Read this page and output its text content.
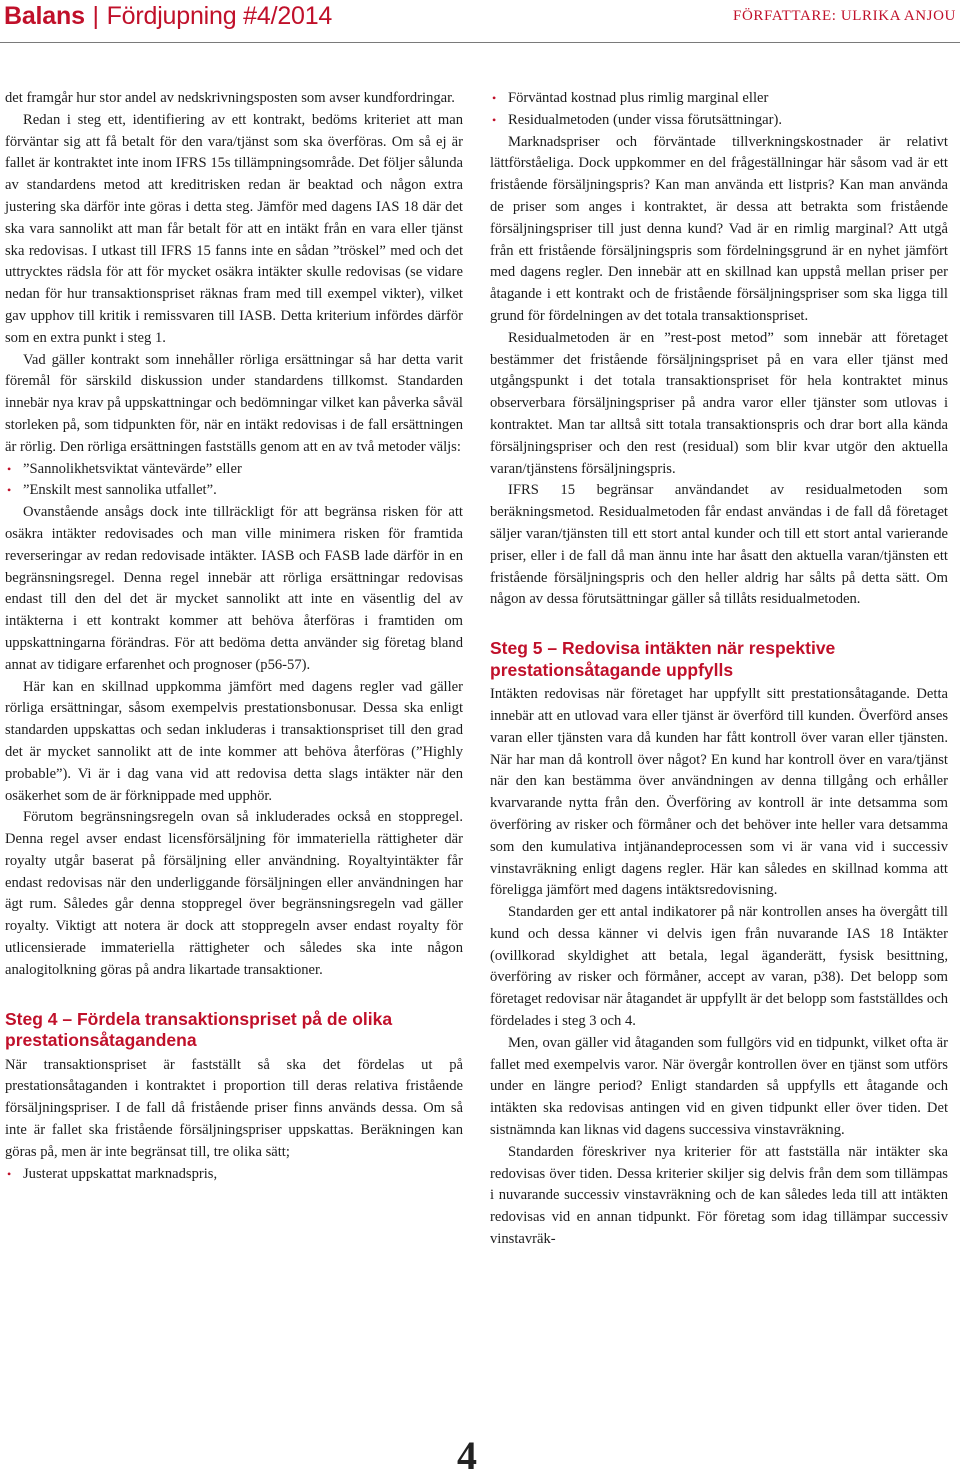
Balans | Fördjupning #4/2014	FÖRFATTARE: ULRIKA ANJOU

det framgår hur stor andel av nedskrivningsposten som avser kundfordringar.

Redan i steg ett, identifiering av ett kontrakt, bedöms kriteriet att man förväntar sig att få betalt för den vara/tjänst som ska överföras. Om så ej är fallet är kontraktet inte inom IFRS 15s tillämpningsområde. Det följer sålunda av standardens metod att kreditrisken redan är beaktad och någon extra justering ska därför inte göras i detta steg. Jämför med dagens IAS 18 där det ska vara sannolikt att man får betalt för att en intäkt från en vara eller tjänst ska redovisas. I utkast till IFRS 15 fanns inte en sådan ”tröskel” med och det uttrycktes rädsla för att för mycket osäkra intäkter skulle redovisas (se vidare nedan för hur transaktionspriset räknas fram med till exempel vikter), vilket gav upphov till kritik i remissvaren till IASB. Detta kriterium infördes därför som en extra punkt i steg 1.

Vad gäller kontrakt som innehåller rörliga ersättningar så har detta varit föremål för särskild diskussion under standardens tillkomst. Standarden innebär nya krav på uppskattningar och bedömningar vilket kan påverka såväl storleken på, som tidpunkten för, när en intäkt redovisas i de fall ersättningen är rörlig. Den rörliga ersättningen fastställs genom att en av två metoder väljs:

• ”Sannolikhetsviktat väntevärde” eller
• ”Enskilt mest sannolika utfallet”.

Ovanstående ansågs dock inte tillräckligt för att begränsa risken för att osäkra intäkter redovisades och man ville minimera risken för framtida reverseringar av redan redovisade intäkter. IASB och FASB lade därför in en begränsningsregel. Denna regel innebär att rörliga ersättningar redovisas endast till den del det är mycket sannolikt att inte en väsentlig del av intäkterna i ett kontrakt kommer att behöva återföras i framtiden om uppskattningarna förändras. För att bedöma detta använder sig företag bland annat av tidigare erfarenhet och prognoser (p56-57).

Här kan en skillnad uppkomma jämfört med dagens regler vad gäller rörliga ersättningar, såsom exempelvis prestationsbonusar. Dessa ska enligt standarden uppskattas och sedan inkluderas i transaktionspriset till den grad det är mycket sannolikt att de inte kommer att behöva återföras (”Highly probable”). Vi är i dag vana vid att redovisa detta slags intäkter när den osäkerhet som de är förknippade med upphör.

Förutom begränsningsregeln ovan så inkluderades också en stoppregel. Denna regel avser endast licensförsäljning för immateriella rättigheter där royalty utgår baserat på försäljning eller användning. Royaltyintäkter får endast redovisas när den underliggande försäljningen eller användningen har ägt rum. Således går denna stoppregel över begränsningsregeln vad gäller royalty. Viktigt att notera är dock att stoppregeln avser endast royalty för utlicensierade immateriella rättigheter och således ska inte någon analogitolkning göras på andra likartade transaktioner.

Steg 4 – Fördela transaktionspriset på de olika prestationsåtagandena

När transaktionspriset är fastställt så ska det fördelas ut på prestationsåtaganden i kontraktet i proportion till deras relativa fristående försäljningspriser. I de fall då fristående priser finns används dessa. Om så inte är fallet ska fristående försäljningspriser uppskattas. Beräkningen kan göras på, men är inte begränsat till, tre olika sätt;

• Justerat uppskattat marknadspris,
• Förväntad kostnad plus rimlig marginal eller
• Residualmetoden (under vissa förutsättningar).

Marknadspriser och förväntade tillverkningskostnader är relativt lättförståeliga. Dock uppkommer en del frågeställningar här såsom vad är ett fristående försäljningspris? Kan man använda ett listpris? Kan man använda de priser som anges i kontraktet, är dessa att betrakta som fristående försäljningspriser till just denna kund? Vad är en rimlig marginal? Att utgå från ett fristående försäljningspris som fördelningsgrund är en nyhet jämfört med dagens regler. Den innebär att en skillnad kan uppstå mellan priser per åtagande i ett kontrakt och de fristående försäljningspriser som ska ligga till grund för fördelningen av det totala transaktionspriset.

Residualmetoden är en ”rest-post metod” som innebär att företaget bestämmer det fristående försäljningspriset på en vara eller tjänst med utgångspunkt i det totala transaktionspriset för hela kontraktet minus observerbara försäljningspriser på andra varor eller tjänster som utlovas i kontraktet. Man tar alltså sitt totala transaktionspris och drar bort alla kända försäljningspriser och den rest (residual) som blir kvar utgör den aktuella varan/tjänstens försäljningspris.

IFRS 15 begränsar användandet av residualmetoden som beräkningsmetod. Residualmetoden får endast användas i de fall då företaget säljer varan/tjänsten till ett stort antal kunder och till ett stort antal varierande priser, eller i de fall då man ännu inte har åsatt den aktuella varan/tjänsten ett fristående försäljningspris och den heller aldrig har sålts på detta sätt. Om någon av dessa förutsättningar gäller så tillåts residualmetoden.

Steg 5 – Redovisa intäkten när respektive prestationsåtagande uppfylls

Intäkten redovisas när företaget har uppfyllt sitt prestationsåtagande. Detta innebär att en utlovad vara eller tjänst är överförd till kunden. Överförd anses varan eller tjänsten vara då kunden har fått kontroll över varan eller tjänsten. När har man då kontroll över något? En kund har kontroll över en vara/tjänst när den kan bestämma över användningen av denna tillgång och erhåller kvarvarande nytta från den. Överföring av kontroll är inte detsamma som överföring av risker och förmåner och det behöver inte heller vara detsamma som den kumulativa intjänandeprocessen som vi är vana vid i successiv vinstavräkning enligt dagens regler. Här kan således en skillnad komma att föreligga jämfört med dagens intäktsredovisning.

Standarden ger ett antal indikatorer på när kontrollen anses ha övergått till kund och dessa känner vi delvis igen från nuvarande IAS 18 Intäkter (ovillkorad skyldighet att betala, legal äganderätt, fysisk besittning, överföring av risker och förmåner, accept av varan, p38). Det belopp som företaget redovisar när åtagandet är uppfyllt är det belopp som fastställdes och fördelades i steg 3 och 4.

Men, ovan gäller vid åtaganden som fullgörs vid en tidpunkt, vilket ofta är fallet med exempelvis varor. När övergår kontrollen över en tjänst som utförs under en längre period? Enligt standarden så uppfylls ett åtagande och intäkten ska redovisas antingen vid en given tidpunkt eller över tiden. Det sistnämnda kan liknas vid dagens successiva vinstavräkning.

Standarden föreskriver nya kriterier för att fastställa när intäkter ska redovisas över tiden. Dessa kriterier skiljer sig delvis från dem som tillämpas i nuvarande successiv vinstavräkning och de kan således leda till att intäkten redovisas vid en annan tidpunkt. För företag som idag tillämpar successiv vinstavräk-

4
